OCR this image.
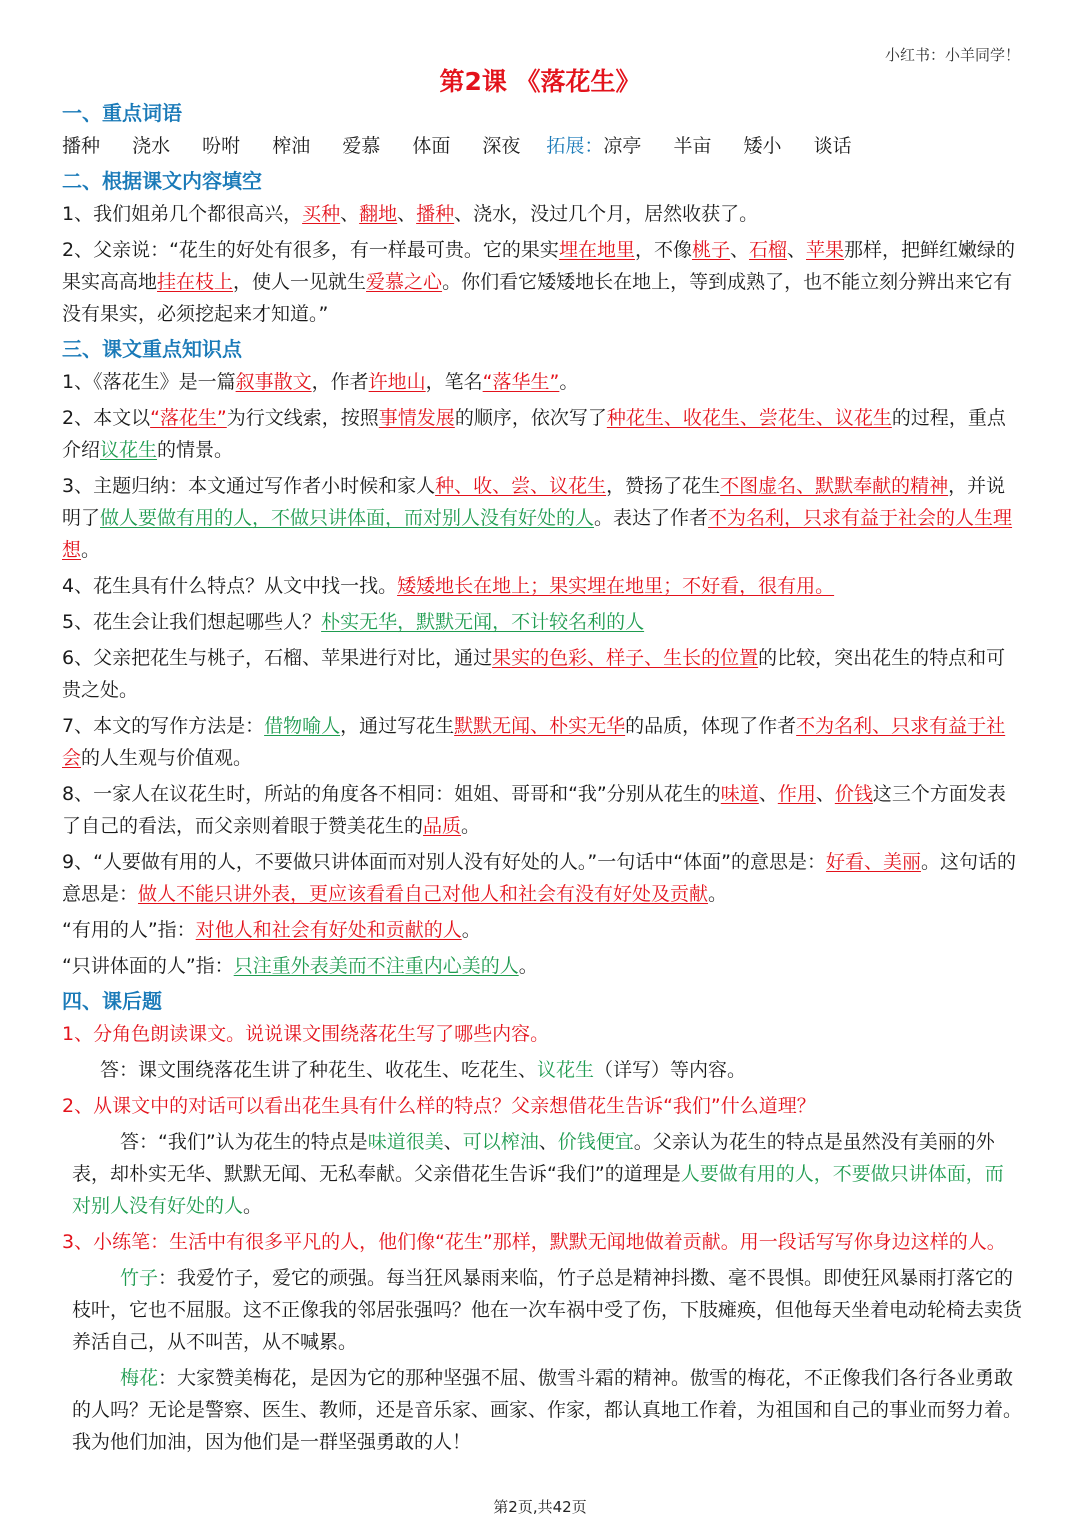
小红书：小羊同学！
第2课 《落花生》
一、重点词语
播种 浇水 吩咐 榨油 爱慕 体面 深夜 拓展：凉亭 半亩 矮小 谈话
二、根据课文内容填空
1、我们姐弟几个都很高兴，买种、翻地、播种、浇水，没过几个月，居然收获了。
2、父亲说：“花生的好处有很多，有一样最可贵。它的果实埋在地里，不像桃子、石榴、苹果那样，把鲜红嫩绿的果实高高地挂在枝上，使人一见就生爱慕之心。你们看它矮矮地长在地上，等到成熟了，也不能立刻分辨出来它有没有果实，必须挖起来才知道。”
三、课文重点知识点
1、《落花生》是一篇叙事散文，作者许地山，笔名“落华生”。
2、本文以“落花生”为行文线索，按照事情发展的顺序，依次写了种花生、收花生、尝花生、议花生的过程，重点介绍议花生的情景。
3、主题归纳：本文通过写作者小时候和家人种、收、尝、议花生，赞扬了花生不图虚名、默默奉献的精神，并说明了做人要做有用的人，不做只讲体面，而对别人没有好处的人。表达了作者不为名利，只求有益于社会的人生理想。
4、花生具有什么特点？从文中找一找。矮矮地长在地上；果实埋在地里；不好看，很有用。
5、花生会让我们想起哪些人？朴实无华，默默无闻，不计较名利的人
6、父亲把花生与桃子，石榴、苹果进行对比，通过果实的色彩、样子、生长的位置的比较，突出花生的特点和可贵之处。
7、本文的写作方法是：借物喻人，通过写花生默默无闻、朴实无华的品质，体现了作者不为名利、只求有益于社会的人生观与价值观。
8、一家人在议花生时，所站的角度各不相同：姐姐、哥哥和“我”分别从花生的味道、作用、价钱这三个方面发表了自己的看法，而父亲则着眼于赞美花生的品质。
9、“人要做有用的人，不要做只讲体面而对别人没有好处的人。”一句话中“体面”的意思是：好看、美丽。这句话的意思是：做人不能只讲外表，更应该看看自己对他人和社会有没有好处及贡献。
“有用的人”指：对他人和社会有好处和贡献的人。
“只讲体面的人”指：只注重外表美而不注重内心美的人。
四、课后题
1、分角色朗读课文。说说课文围绕落花生写了哪些内容。
答：课文围绕落花生讲了种花生、收花生、吃花生、议花生（详写）等内容。
2、从课文中的对话可以看出花生具有什么样的特点？父亲想借花生告诉“我们”什么道理？
答：“我们”认为花生的特点是味道很美、可以榨油、价钱便宜。父亲认为花生的特点是虽然没有美丽的外表，却朴实无华、默默无闻、无私奉献。父亲借花生告诉“我们”的道理是人要做有用的人，不要做只讲体面，而对别人没有好处的人。
3、小练笔：生活中有很多平凡的人，他们像“花生”那样，默默无闻地做着贡献。用一段话写写你身边这样的人。
竹子：我爱竹子，爱它的顽强。每当狂风暴雨来临，竹子总是精神抖擞、毫不畏惧。即使狂风暴雨打落它的枝叶，它也不屈服。这不正像我的邻居张强吗？他在一次车祸中受了伤，下肢瘫痪，但他每天坐着电动轮椅去卖货养活自己，从不叫苦，从不喊累。
梅花：大家赞美梅花，是因为它的那种坚强不屈、傲雪斗霜的精神。傲雪的梅花，不正像我们各行各业勇敢的人吗？无论是警察、医生、教师，还是音乐家、画家、作家，都认真地工作着，为祖国和自己的事业而努力着。我为他们加油，因为他们是一群坚强勇敢的人！
第2页,共42页
